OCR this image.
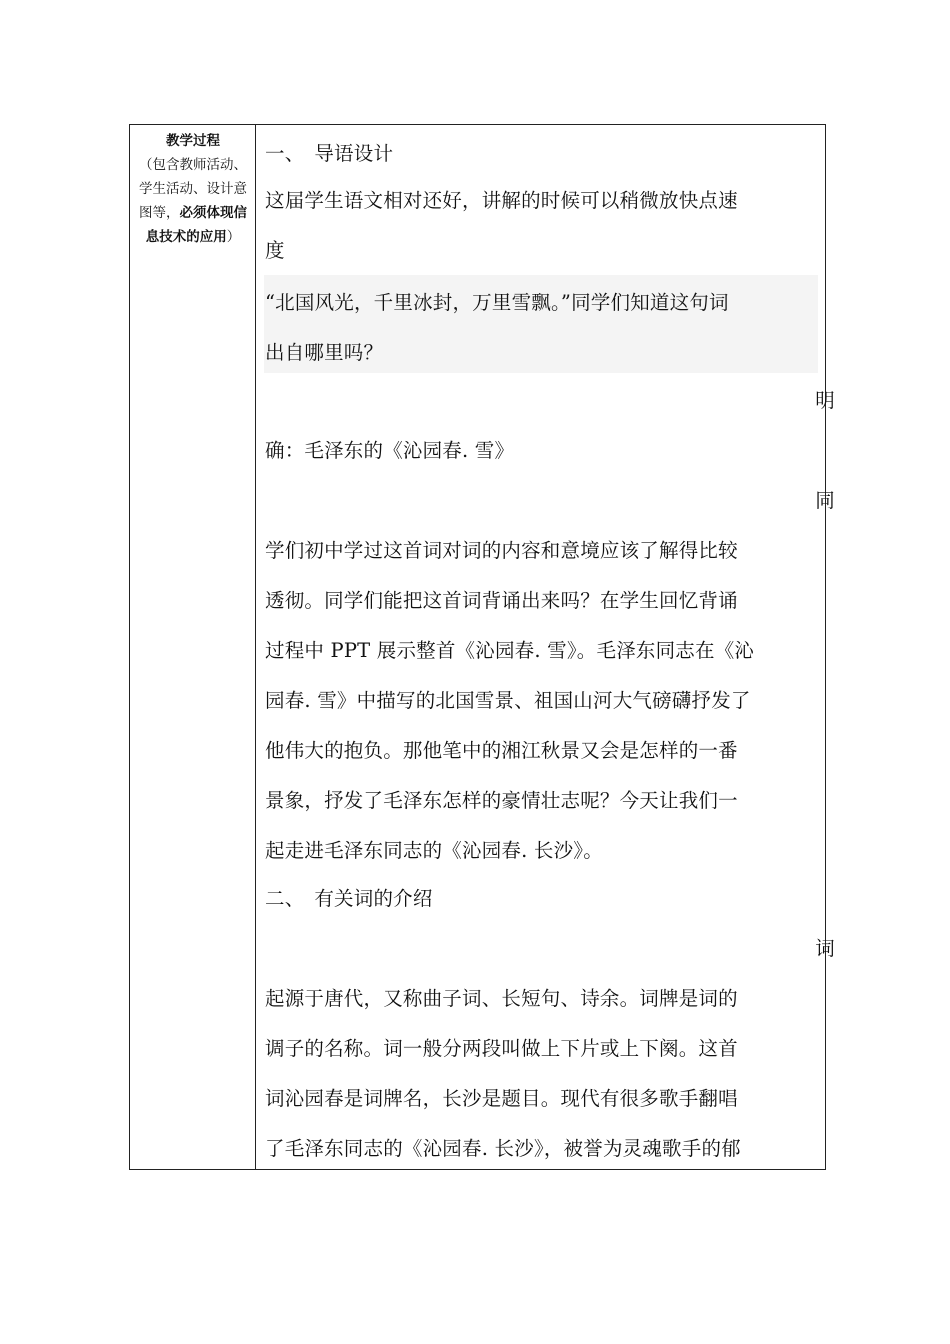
教学过程
（包含教师活动、学生活动、设计意图等，必须体现信息技术的应用）
一、　导语设计
这届学生语文相对还好，讲解的时候可以稍微放快点速
度
“北国风光，千里冰封，万里雪飘。”同学们知道这句词
出自哪里吗？
明
确：毛泽东的《沁园春. 雪》
同
学们初中学过这首词对词的内容和意境应该了解得比较
透彻。同学们能把这首词背诵出来吗？在学生回忆背诵
过程中 PPT 展示整首《沁园春. 雪》。毛泽东同志在《沁
园春. 雪》中描写的北国雪景、祖国山河大气磅礴抒发了
他伟大的抱负。那他笔中的湘江秋景又会是怎样的一番
景象，抒发了毛泽东怎样的豪情壮志呢？今天让我们一
起走进毛泽东同志的《沁园春. 长沙》。
二、　有关词的介绍
词
起源于唐代，又称曲子词、长短句、诗余。词牌是词的
调子的名称。词一般分两段叫做上下片或上下阕。这首
词沁园春是词牌名，长沙是题目。现代有很多歌手翻唱
了毛泽东同志的《沁园春. 长沙》，被誉为灵魂歌手的郁
